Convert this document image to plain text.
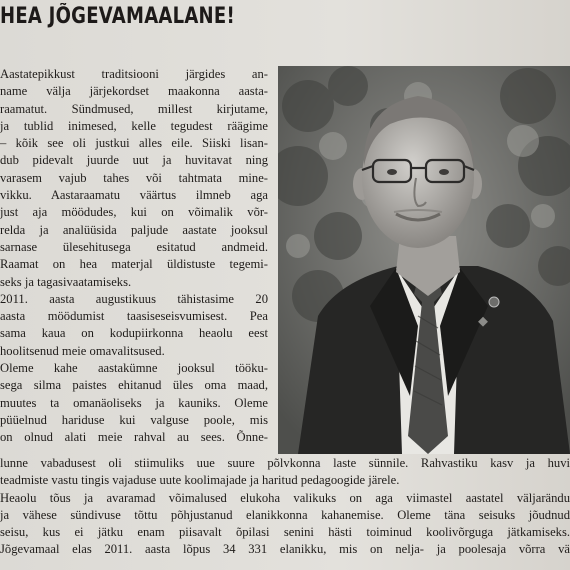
HEA JÕGEVAMAALANE!
Aastatepikkust traditsiooni järgides an-
name välja järjekordset maakonna aasta-
raamatut. Sündmused, millest kirjutame,
ja tublid inimesed, kelle tegudest räägime
– kõik see oli justkui alles eile. Siiski lisan-
dub pidevalt juurde uut ja huvitavat ning
varasem vajub tahes või tahtmata mine-
vikku. Aastaraamatu väärtus ilmneb aga
just aja möödudes, kui on võimalik võr-
relda ja analüüsida paljude aastate jooksul
sarnase ülesehitusega esitatud andmeid.
Raamat on hea materjal üldistuste tegemi-
seks ja tagasivaatamiseks.
2011. aasta augustikuus tähistasime 20
aasta möödumist taasiseseisvumisest. Pea
sama kaua on kodupiirkonna heaolu eest
hoolitsenud meie omavalitsused.
Oleme kahe aastakümne jooksul tööku-
sega silma paistes ehitanud üles oma maad,
muutes ta omanäoliseks ja kauniks. Oleme
püüelnud hariduse kui valguse poole, mis
on olnud alati meie rahval au sees. Õnne-
lunne vabadusest oli stiimuliks uue suure põlvkonna laste sünnile. Rahvastiku kasv ja huvi
teadmiste vastu tingis vajaduse uute koolimajade ja haritud pedagoogide järele.
Heaolu tõus ja avaramad võimalused elukoha valikuks on aga viimastel aastatel väljarändu
ja vähese sündivuse tõttu põhjustanud elanikkonna kahanemise. Oleme täna seisuks jõudnud
seisu, kus ei jätku enam piisavalt õpilasi senini hästi toiminud koolivõrguga jätkamiseks.
Jõgevamaal elas 2011. aasta lõpus 34 331 elanikku, mis on nelja- ja poolesaja võrra vä
